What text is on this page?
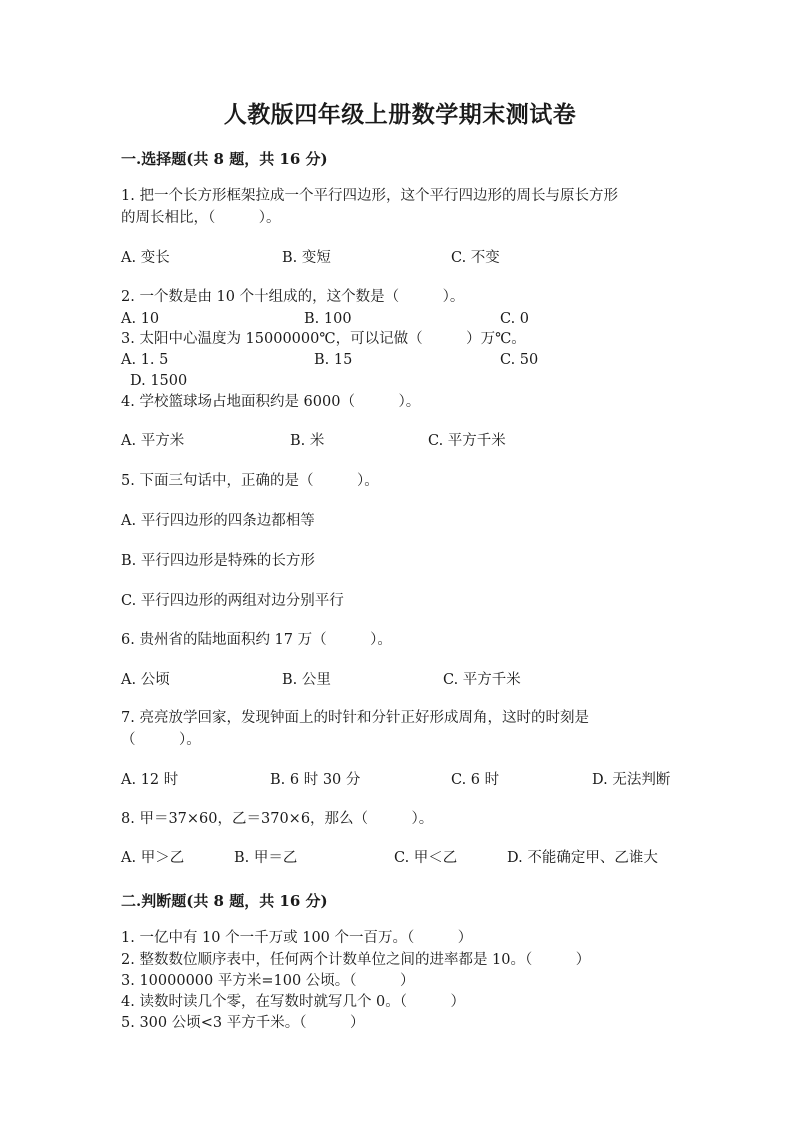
人教版四年级上册数学期末测试卷
一.选择题(共 8 题，共 16 分)
1. 把一个长方形框架拉成一个平行四边形，这个平行四边形的周长与原长方形
的周长相比，（　　　）。
A. 变长	B. 变短	C. 不变
2. 一个数是由 10 个十组成的，这个数是（　　　）。
A. 10	B. 100	C. 0
3. 太阳中心温度为 15000000℃，可以记做（　　　）万℃。
A. 1. 5	B. 15	C. 50
D. 1500
4. 学校篮球场占地面积约是 6000（　　　）。
A. 平方米	B. 米	C. 平方千米
5. 下面三句话中，正确的是（　　　）。
A. 平行四边形的四条边都相等
B. 平行四边形是特殊的长方形
C. 平行四边形的两组对边分别平行
6. 贵州省的陆地面积约 17 万（　　　）。
A. 公顷	B. 公里	C. 平方千米
7. 亮亮放学回家，发现钟面上的时针和分针正好形成周角，这时的时刻是
（　　　）。
A. 12 时	B. 6 时 30 分	C. 6 时	D. 无法判断
8. 甲＝37×60，乙＝370×6，那么（　　　）。
A. 甲＞乙	B. 甲＝乙	C. 甲＜乙	D. 不能确定甲、乙谁大
二.判断题(共 8 题，共 16 分)
1. 一亿中有 10 个一千万或 100 个一百万。（　　　）
2. 整数数位顺序表中，任何两个计数单位之间的进率都是 10。（　　　）
3. 10000000 平方米=100 公顷。（　　　）
4. 读数时读几个零，在写数时就写几个 0。（　　　）
5. 300 公顷<3 平方千米。（　　　）
